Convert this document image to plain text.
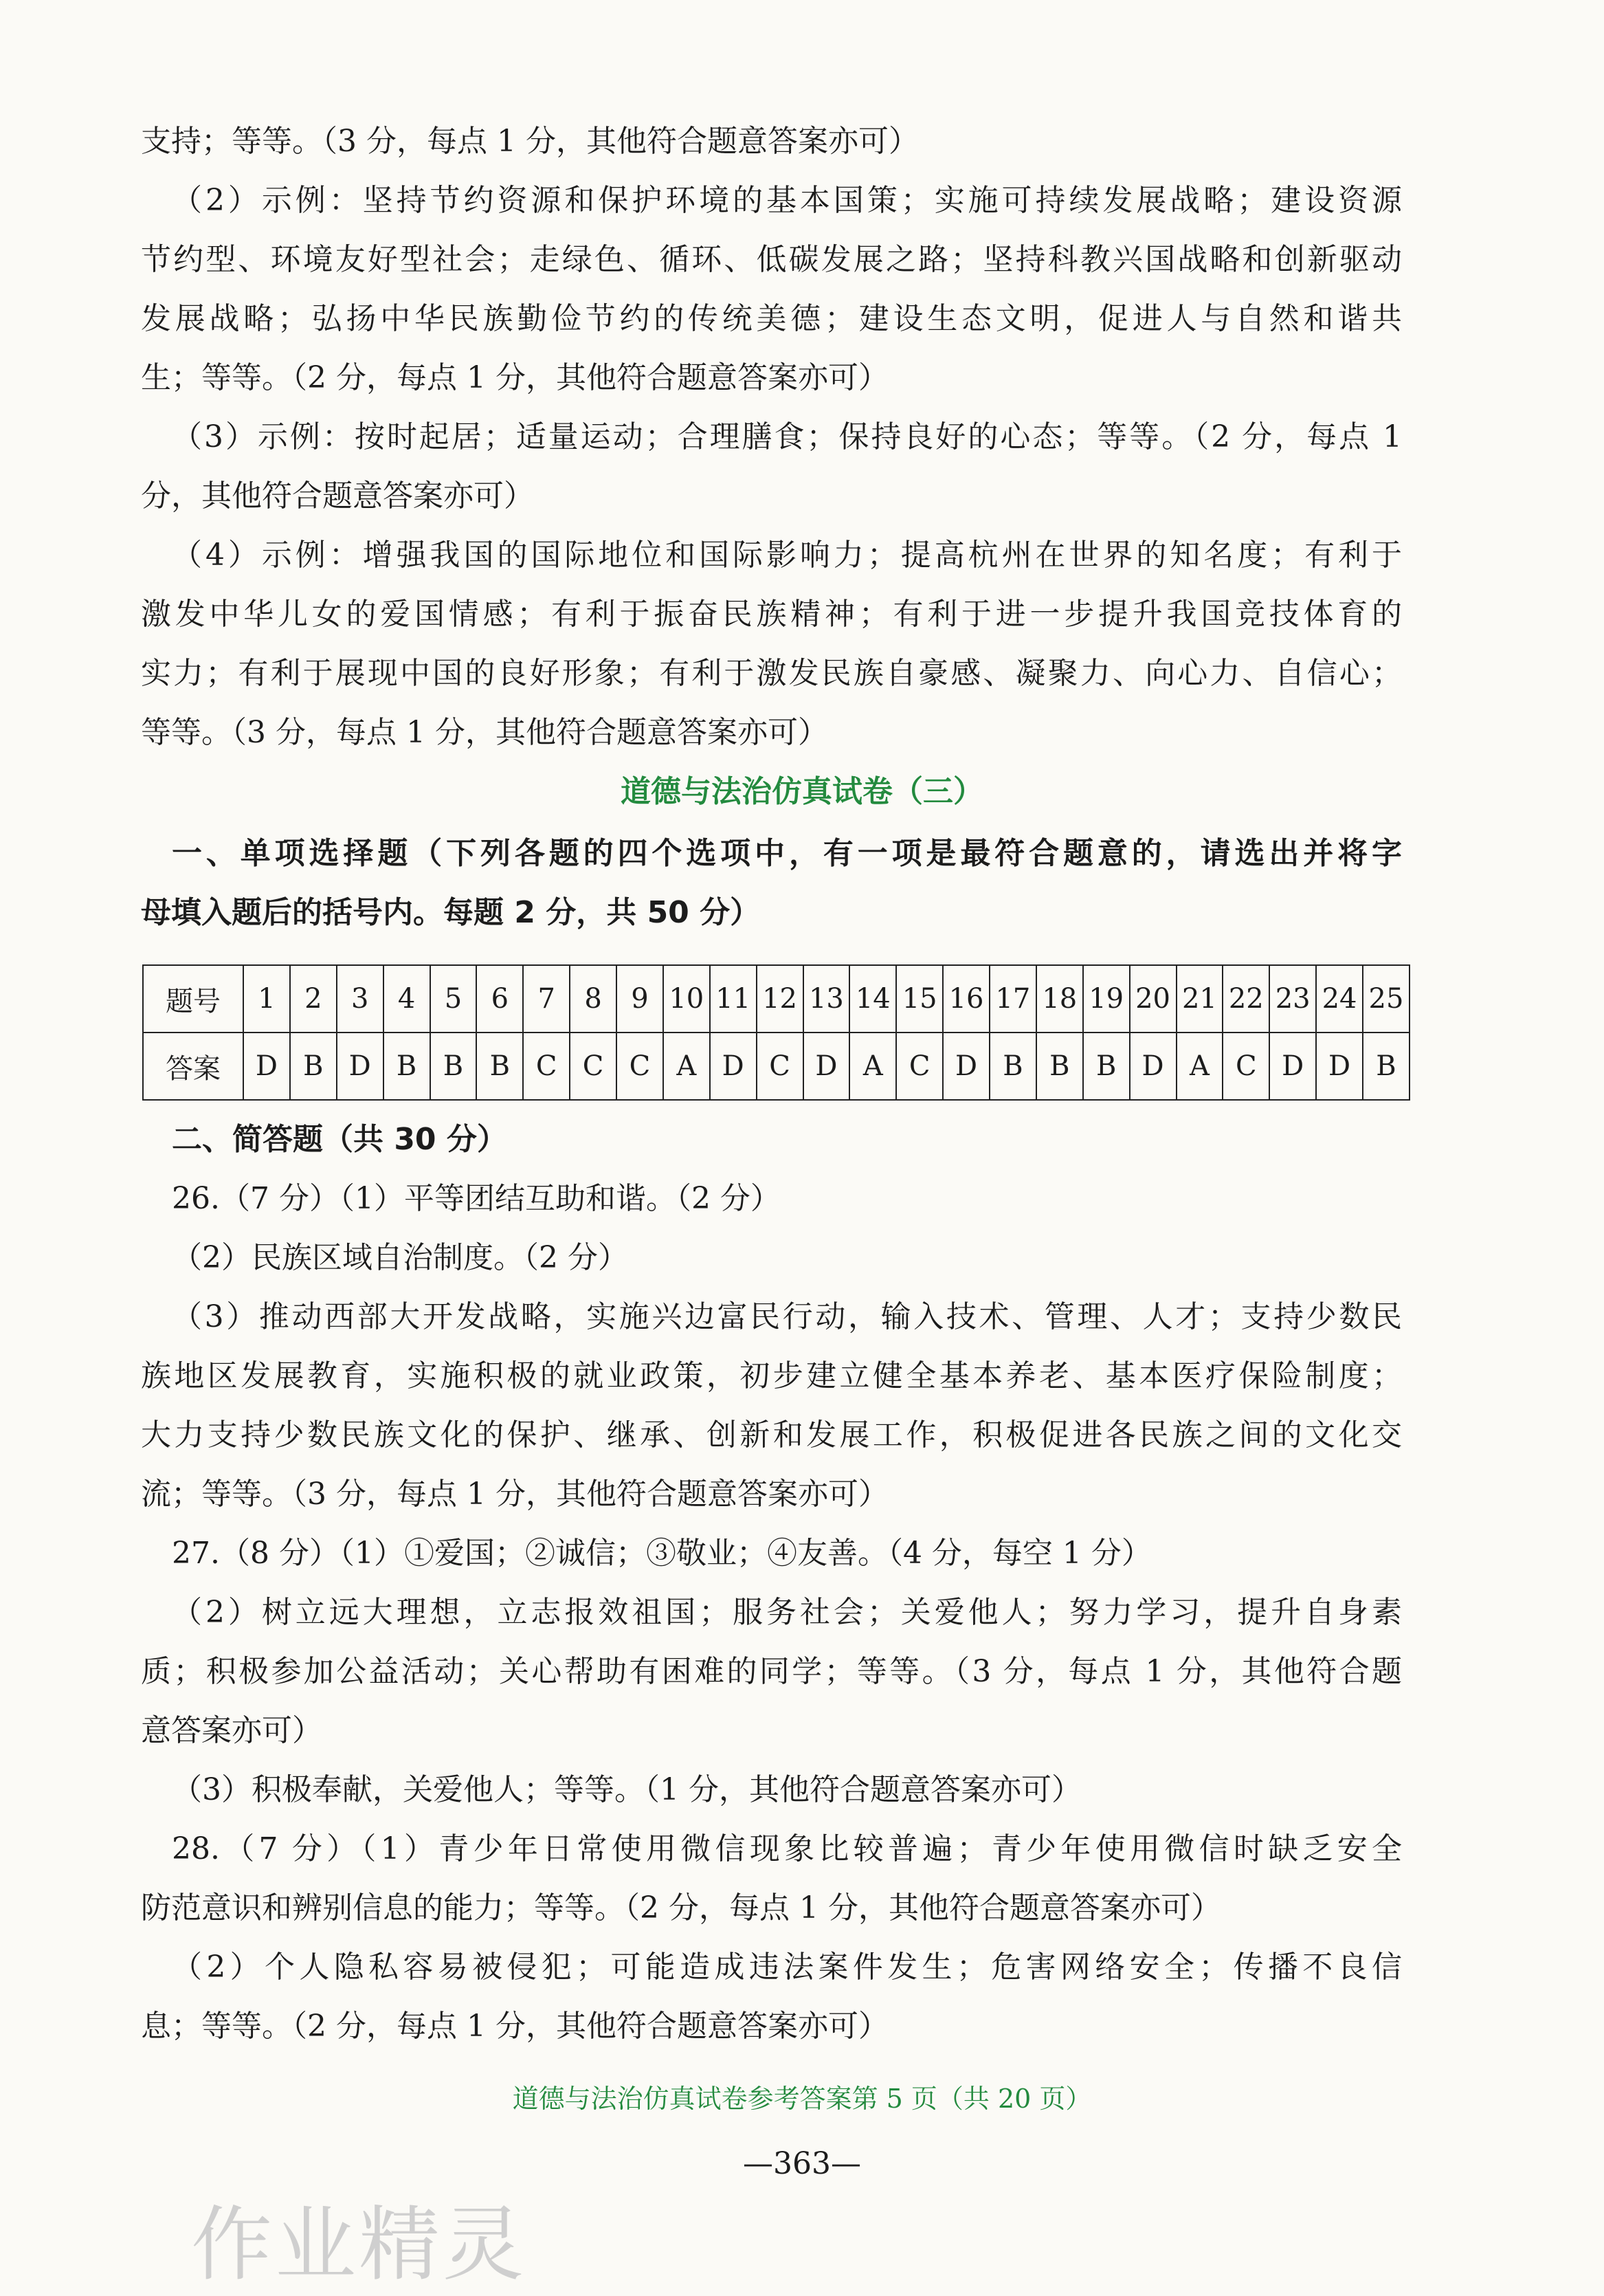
支持；等等。（3 分，每点 1 分，其他符合题意答案亦可）
（2）示例：坚持节约资源和保护环境的基本国策；实施可持续发展战略；建设资源
节约型、环境友好型社会；走绿色、循环、低碳发展之路；坚持科教兴国战略和创新驱动
发展战略；弘扬中华民族勤俭节约的传统美德；建设生态文明，促进人与自然和谐共
生；等等。（2 分，每点 1 分，其他符合题意答案亦可）
（3）示例：按时起居；适量运动；合理膳食；保持良好的心态；等等。（2 分，每点 1
分，其他符合题意答案亦可）
（4）示例：增强我国的国际地位和国际影响力；提高杭州在世界的知名度；有利于
激发中华儿女的爱国情感；有利于振奋民族精神；有利于进一步提升我国竞技体育的
实力；有利于展现中国的良好形象；有利于激发民族自豪感、凝聚力、向心力、自信心；
等等。（3 分，每点 1 分，其他符合题意答案亦可）
道德与法治仿真试卷（三）
一、单项选择题（下列各题的四个选项中，有一项是最符合题意的，请选出并将字
母填入题后的括号内。每题 2 分，共 50 分）
题号	1	2	3	4	5	6	7	8	9	10	11	12	13	14	15	16	17	18	19	20	21	22	23	24	25
答案	D	B	D	B	B	B	C	C	C	A	D	C	D	A	C	D	B	B	B	D	A	C	D	D	B
二、简答题（共 30 分）
26.（7 分）（1）平等团结互助和谐。（2 分）
（2）民族区域自治制度。（2 分）
（3）推动西部大开发战略，实施兴边富民行动，输入技术、管理、人才；支持少数民
族地区发展教育，实施积极的就业政策，初步建立健全基本养老、基本医疗保险制度；
大力支持少数民族文化的保护、继承、创新和发展工作，积极促进各民族之间的文化交
流；等等。（3 分，每点 1 分，其他符合题意答案亦可）
27.（8 分）（1）①爱国；②诚信；③敬业；④友善。（4 分，每空 1 分）
（2）树立远大理想，立志报效祖国；服务社会；关爱他人；努力学习，提升自身素
质；积极参加公益活动；关心帮助有困难的同学；等等。（3 分，每点 1 分，其他符合题
意答案亦可）
（3）积极奉献，关爱他人；等等。（1 分，其他符合题意答案亦可）
28.（7 分）（1）青少年日常使用微信现象比较普遍；青少年使用微信时缺乏安全
防范意识和辨别信息的能力；等等。（2 分，每点 1 分，其他符合题意答案亦可）
（2）个人隐私容易被侵犯；可能造成违法案件发生；危害网络安全；传播不良信
息；等等。（2 分，每点 1 分，其他符合题意答案亦可）
道德与法治仿真试卷参考答案第 5 页（共 20 页）
—363—
作业精灵
